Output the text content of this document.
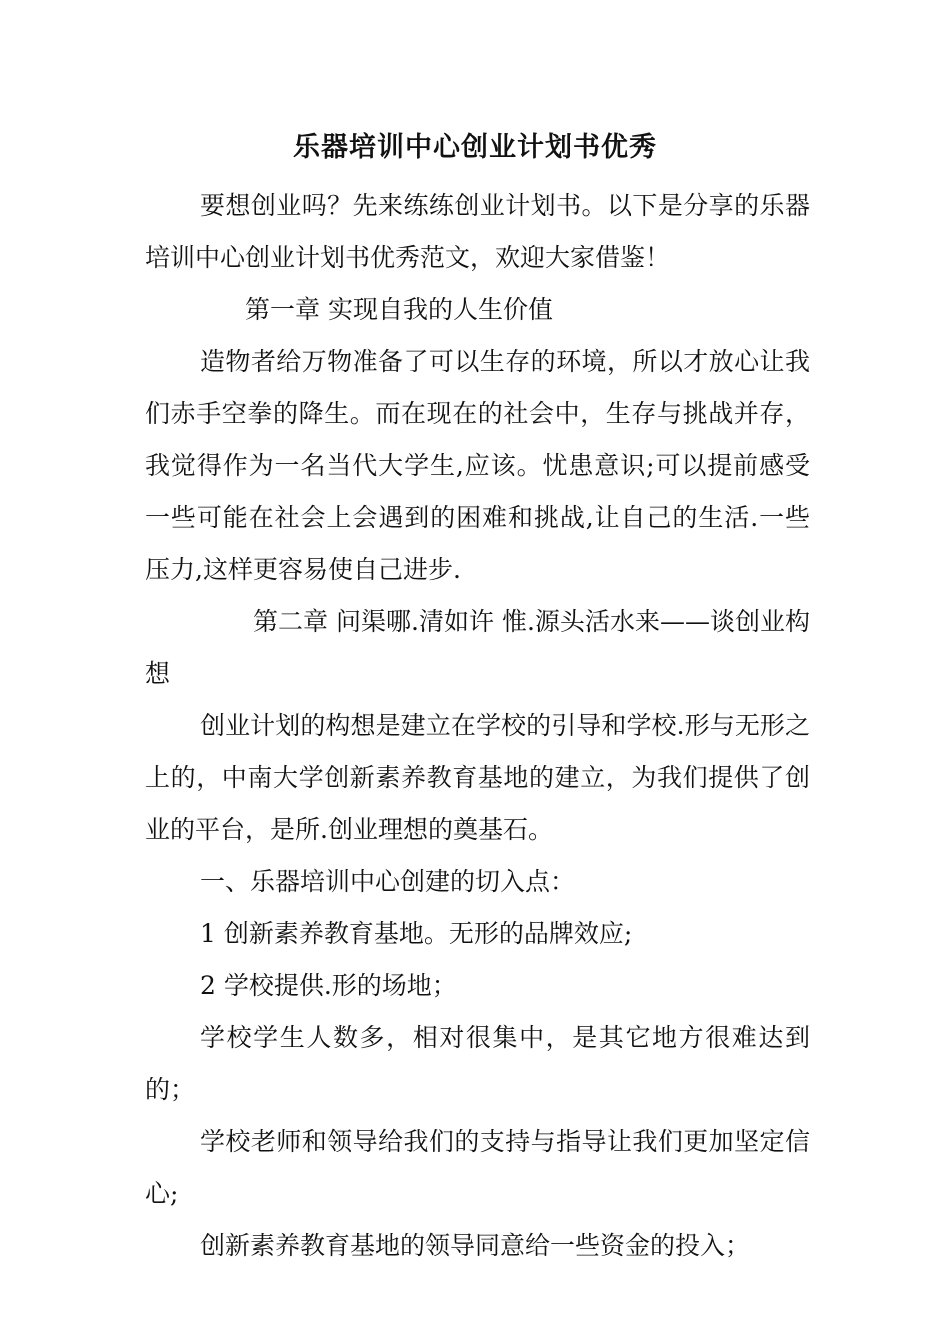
乐器培训中心创业计划书优秀

要想创业吗？先来练练创业计划书。以下是分享的乐器培训中心创业计划书优秀范文，欢迎大家借鉴！

第一章 实现自我的人生价值

造物者给万物准备了可以生存的环境，所以才放心让我们赤手空拳的降生。而在现在的社会中，生存与挑战并存，我觉得作为一名当代大学生,应该。忧患意识;可以提前感受一些可能在社会上会遇到的困难和挑战,让自己的生活.一些压力,这样更容易使自己进步.

第二章 问渠哪.清如许 惟.源头活水来——谈创业构想

创业计划的构想是建立在学校的引导和学校.形与无形之上的，中南大学创新素养教育基地的建立，为我们提供了创业的平台，是所.创业理想的奠基石。

一、乐器培训中心创建的切入点：

1 创新素养教育基地。无形的品牌效应;

2 学校提供.形的场地；

学校学生人数多，相对很集中，是其它地方很难达到的；

学校老师和领导给我们的支持与指导让我们更加坚定信心;

创新素养教育基地的领导同意给一些资金的投入；
